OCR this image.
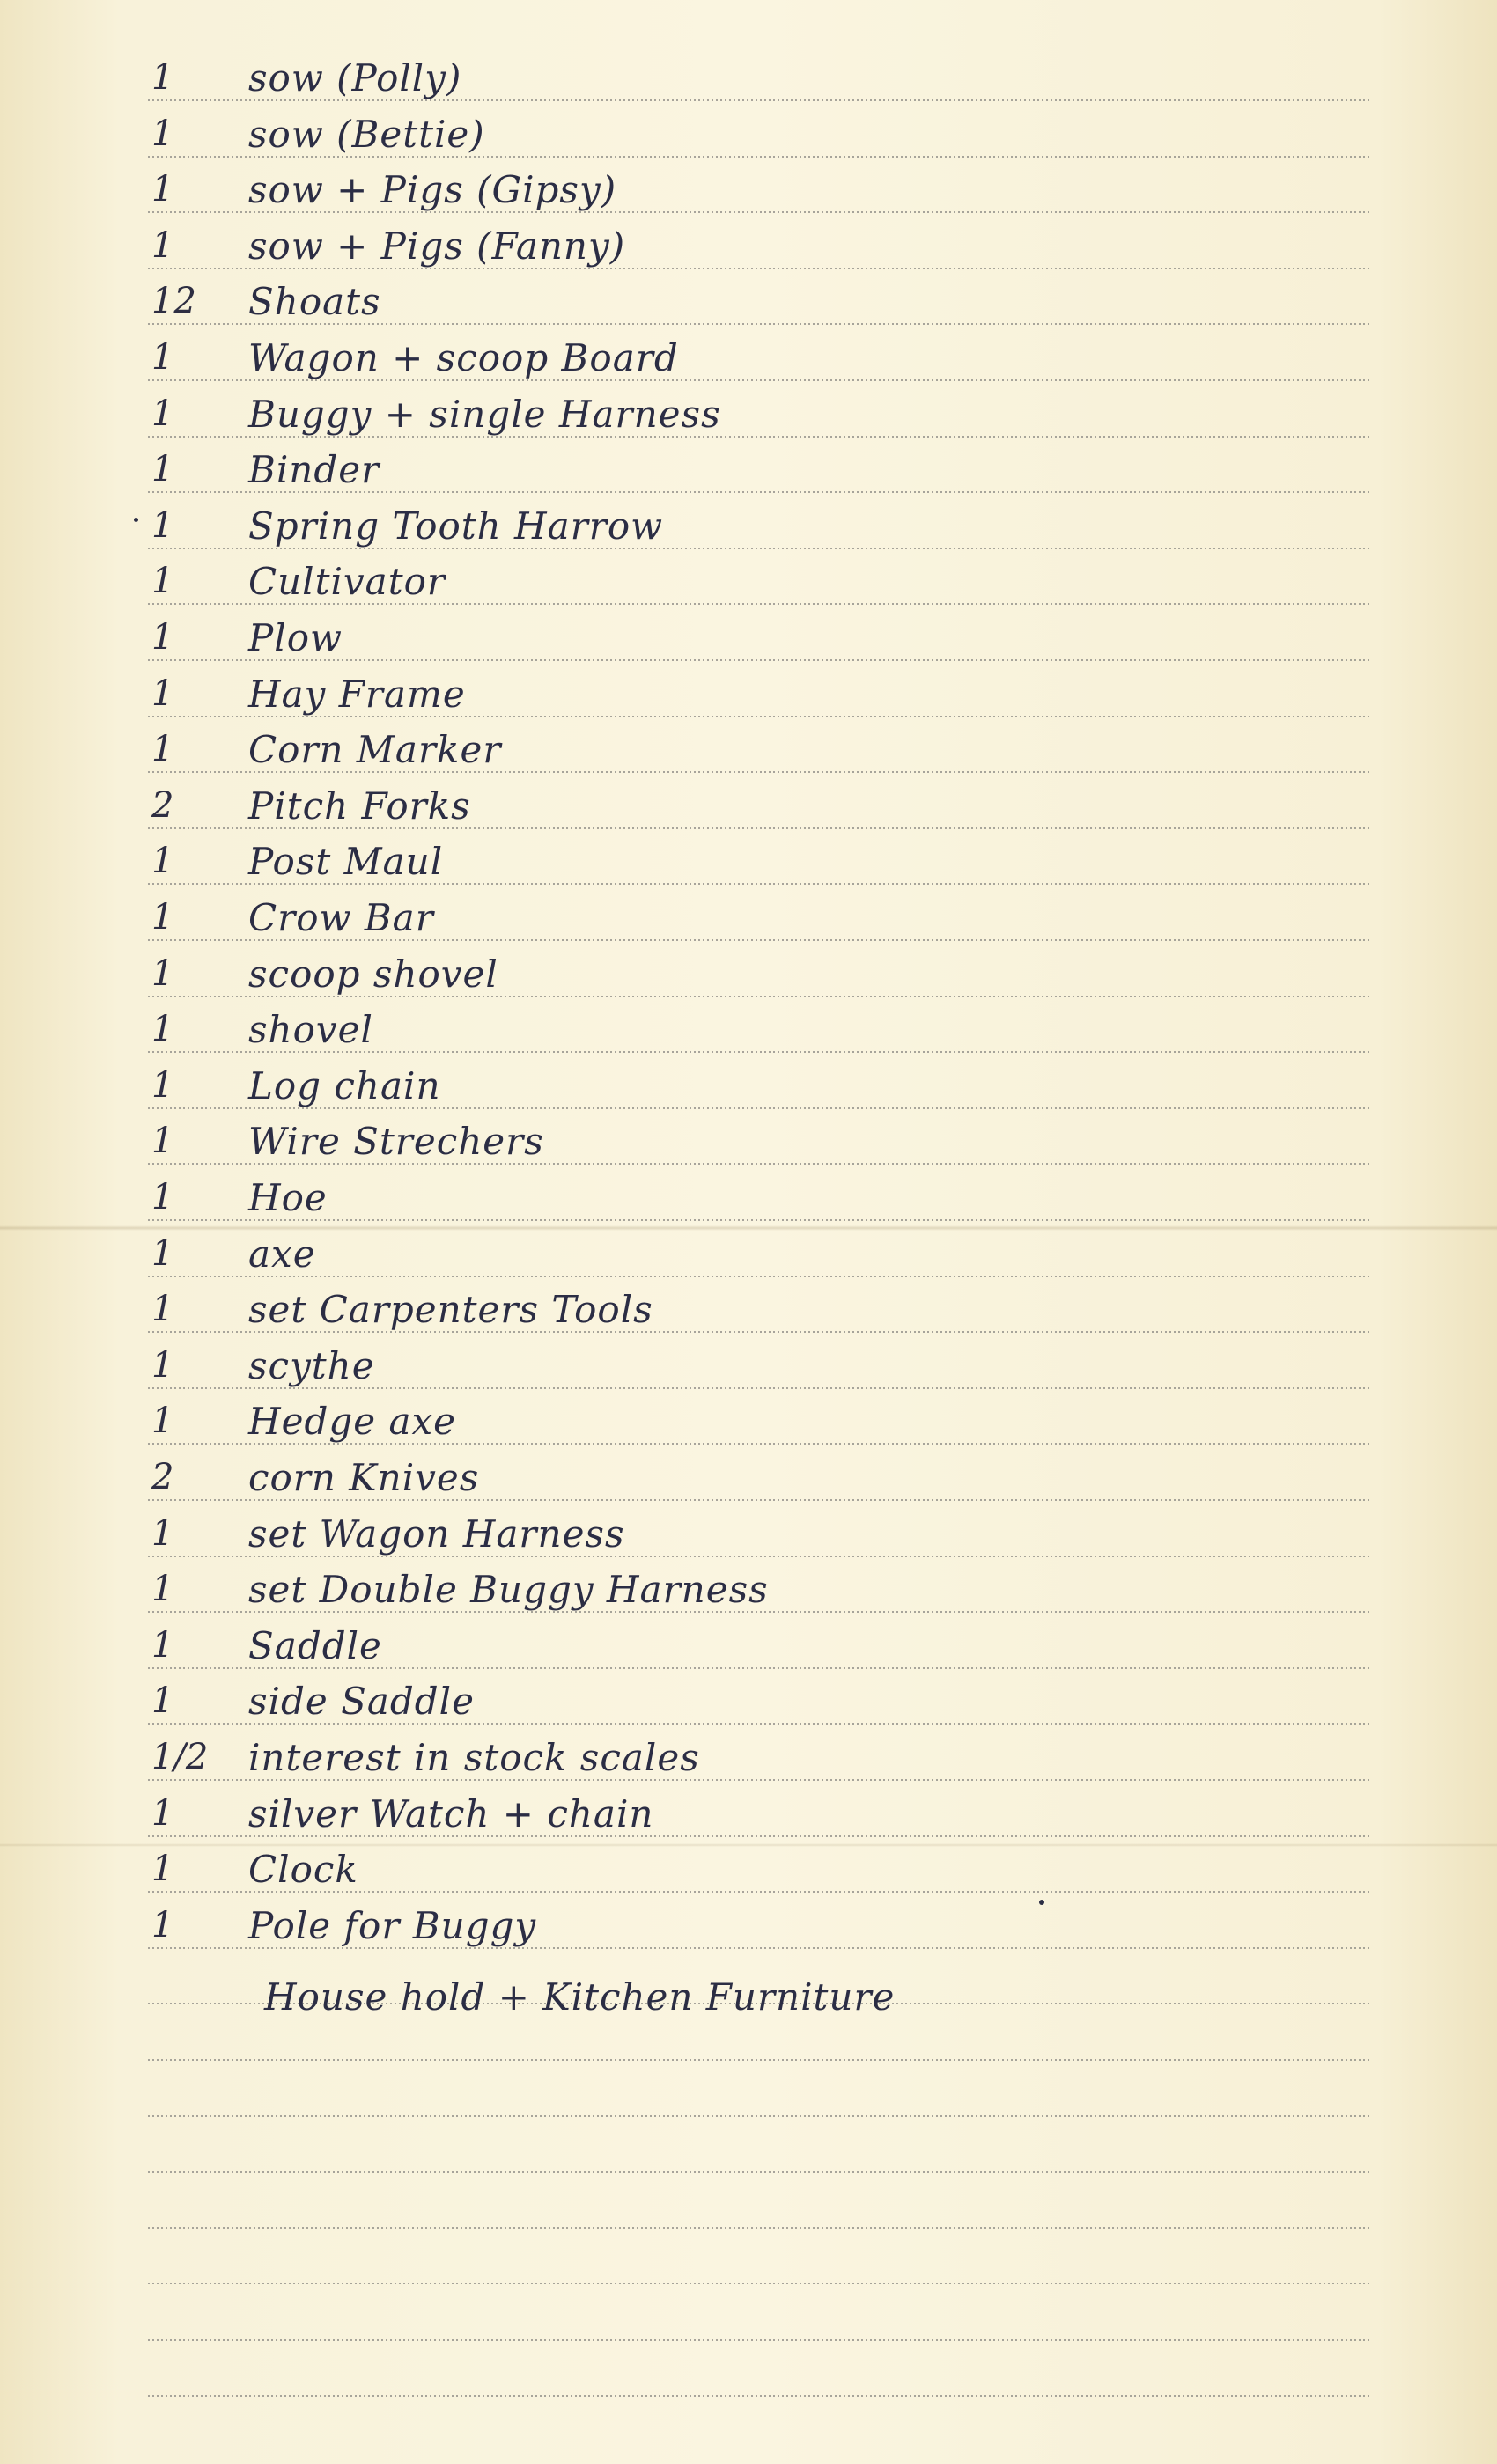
1 sow (Polly)
1 sow (Bettie)
1 sow + Pigs (Gipsy)
1 sow + Pigs (Fanny)
12 Shoats
1 Wagon + scoop Board
1 Buggy + single Harness
1 Binder
1 Spring Tooth Harrow
1 Cultivator
1 Plow
1 Hay Frame
1 Corn Marker
2 Pitch Forks
1 Post Maul
1 Crow Bar
1 scoop shovel
1 shovel
1 Log chain
1 Wire Strechers
1 Hoe
1 axe
1 set Carpenters Tools
1 scythe
1 Hedge axe
2 corn Knives
1 set Wagon Harness
1 set Double Buggy Harness
1 Saddle
1 side Saddle
1/2 interest in stock scales
1 silver Watch + chain
1 Clock
1 Pole for Buggy
House hold + Kitchen Furniture
